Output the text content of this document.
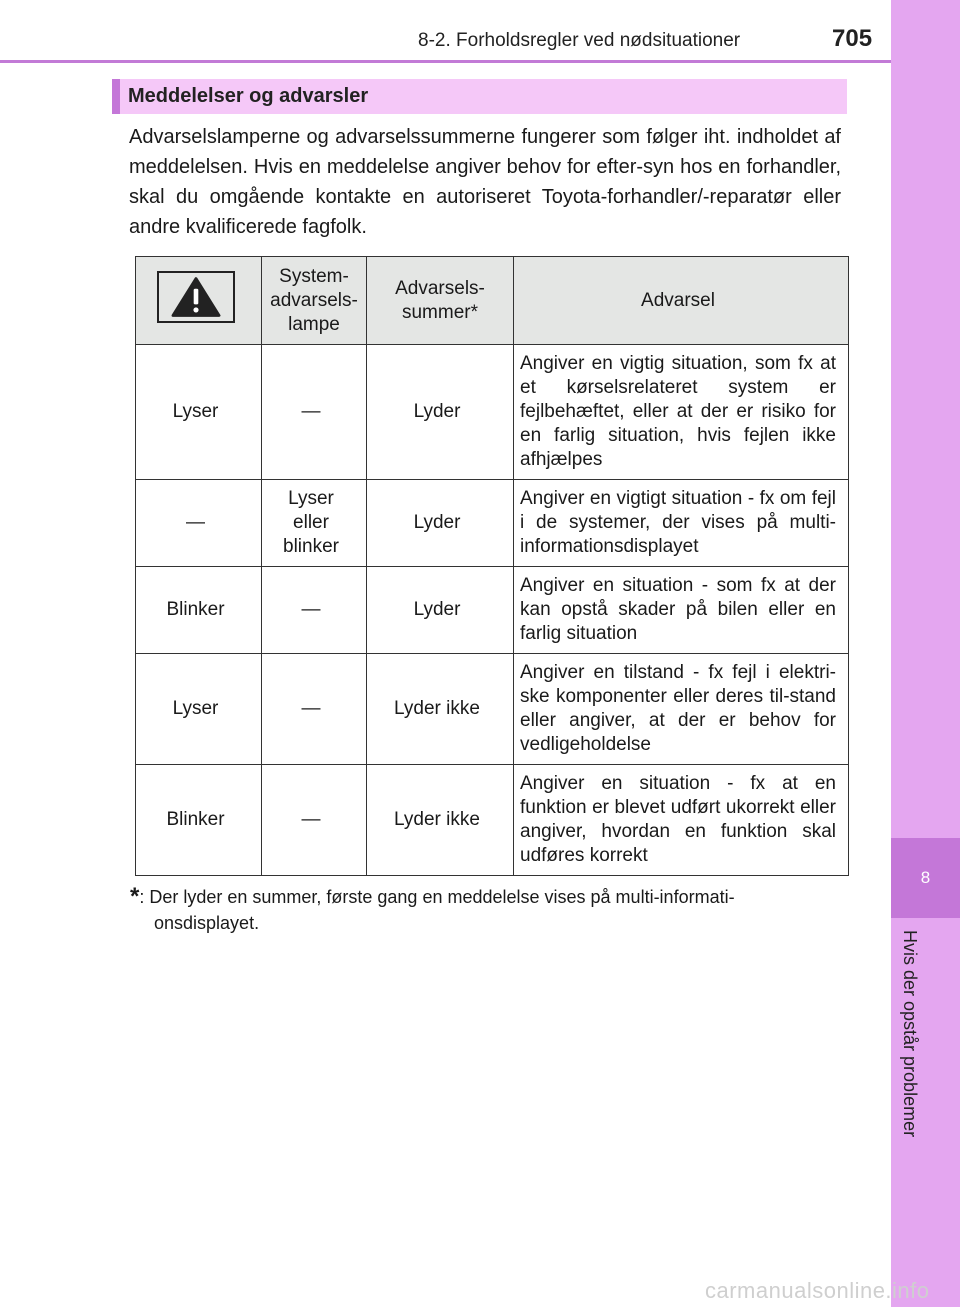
8-2. Forholdsregler ved nødsituationer	705
8
Hvis der opstår problemer
Meddelelser og advarsler

Advarselslamperne og advarselssummerne fungerer som følger iht. indholdet af meddelelsen. Hvis en meddelelse angiver behov for efter-syn hos en forhandler, skal du omgående kontakte en autoriseret Toyota-forhandler/-reparatør eller andre kvalificerede fagfolk.

	System-
advarsels-
lampe	Advarsels-
summer*	Advarsel
Lyser	—	Lyder	Angiver en vigtig situation, som fx at et kørselsrelateret system er fejlbehæftet, eller at der er risiko for en farlig situation, hvis fejlen ikke afhjælpes
—	Lyser
eller
blinker	Lyder	Angiver en vigtigt situation - fx om fejl i de systemer, der vises på multi-informationsdisplayet
Blinker	—	Lyder	Angiver en situation - som fx at der kan opstå skader på bilen eller en farlig situation
Lyser	—	Lyder ikke	Angiver en tilstand - fx fejl i elektri-ske komponenter eller deres til-stand eller angiver, at der er behov for vedligeholdelse
Blinker	—	Lyder ikke	Angiver en situation - fx at en funktion er blevet udført ukorrekt eller angiver, hvordan en funktion skal udføres korrekt
*: Der lyder en summer, første gang en meddelelse vises på multi-informati-
onsdisplayet.
carmanualsonline.info
